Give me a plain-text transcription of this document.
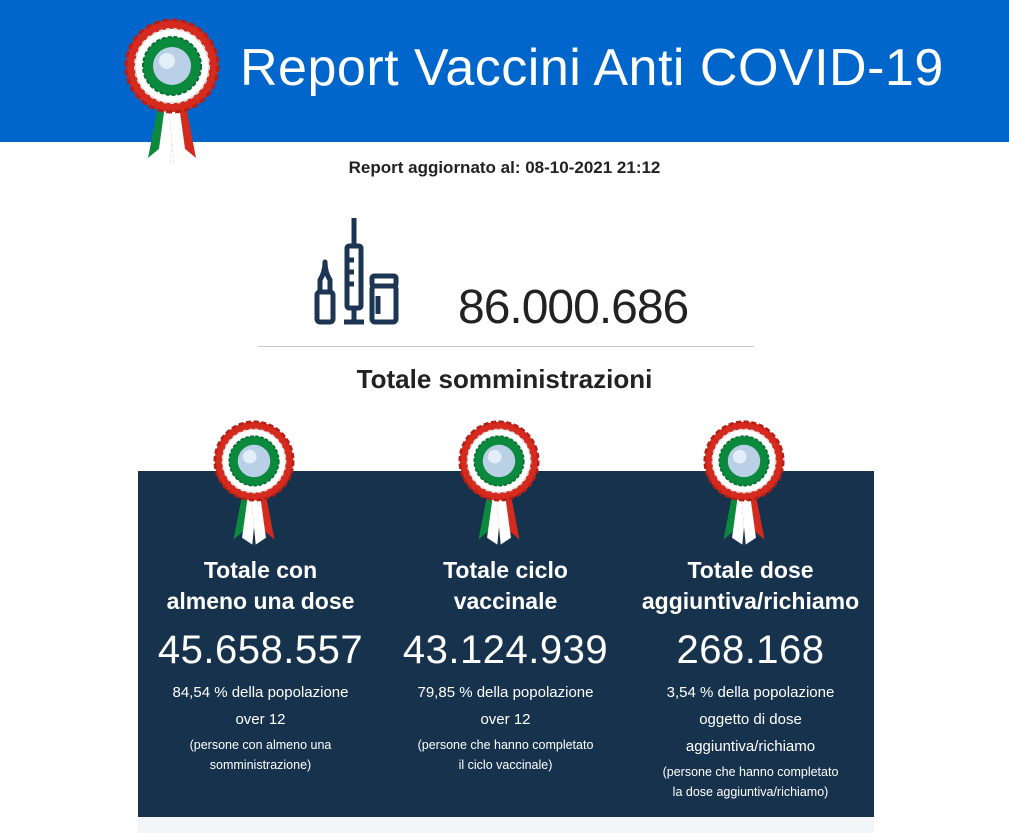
Report Vaccini Anti COVID-19
Report aggiornato al: 08-10-2021 21:12
86.000.686
Totale somministrazioni
Totale con
almeno una dose
45.658.557
84,54 % della popolazione
over 12
(persone con almeno una
somministrazione)
Totale ciclo
vaccinale
43.124.939
79,85 % della popolazione
over 12
(persone che hanno completato
il ciclo vaccinale)
Totale dose
aggiuntiva/richiamo
268.168
3,54 % della popolazione
oggetto di dose
aggiuntiva/richiamo
(persone che hanno completato
la dose aggiuntiva/richiamo)
